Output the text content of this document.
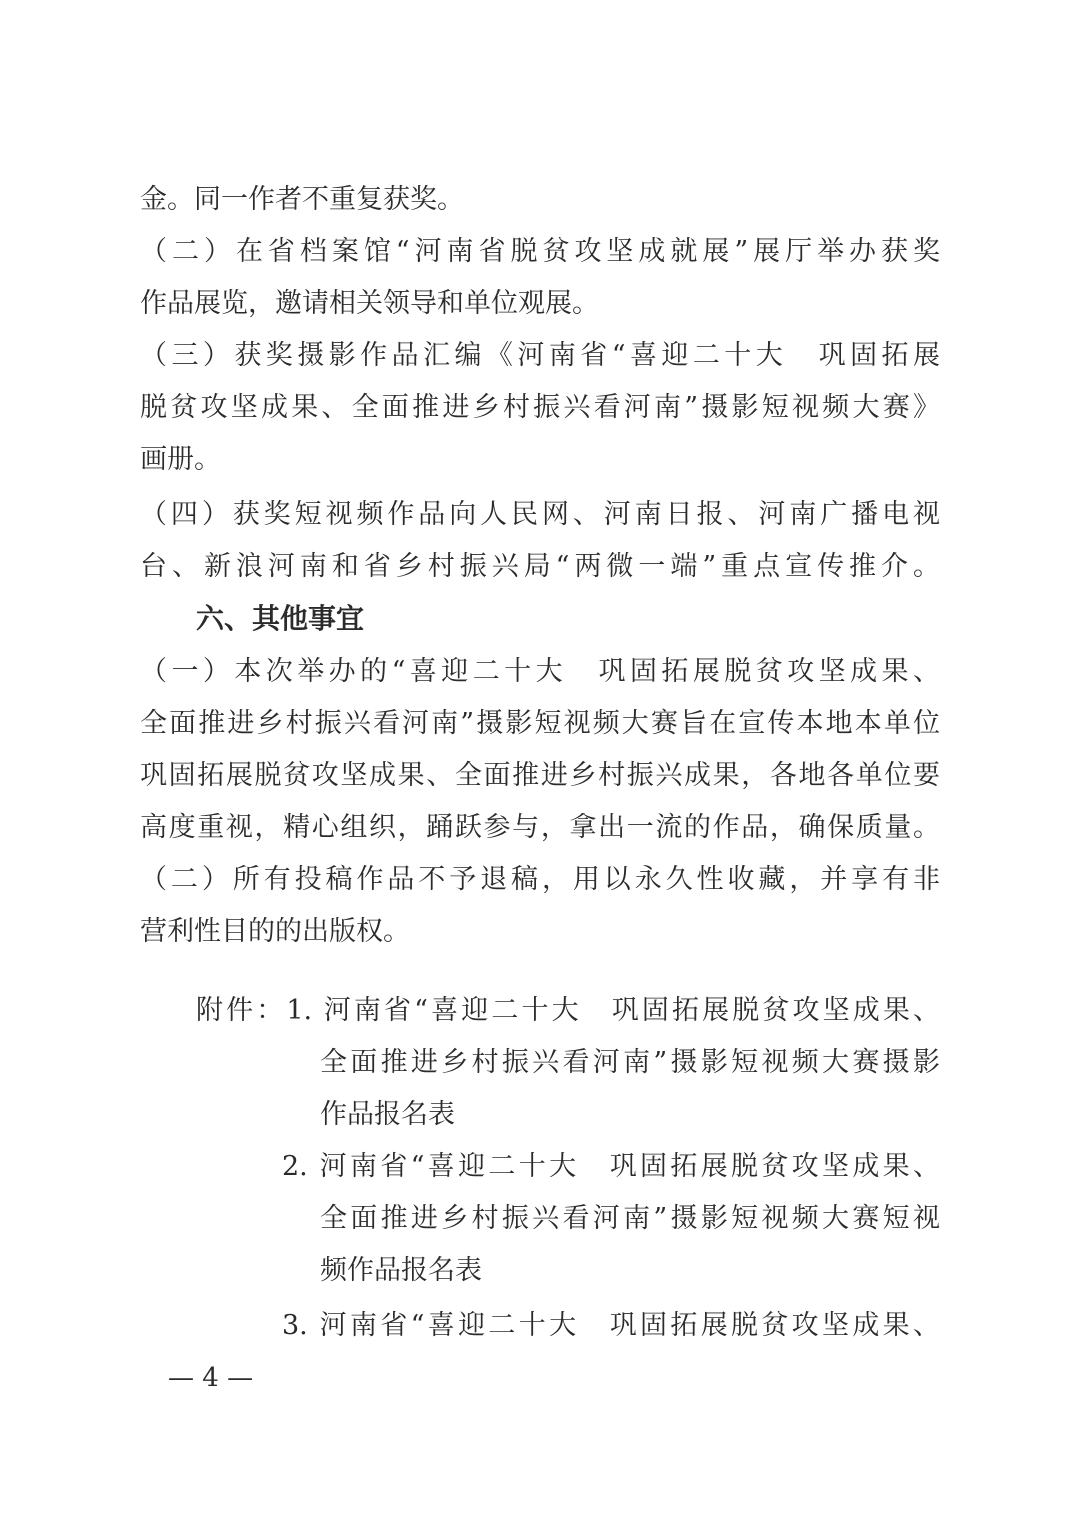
金。同一作者不重复获奖。
（二）在省档案馆“河南省脱贫攻坚成就展”展厅举办获奖
作品展览，邀请相关领导和单位观展。
（三）获奖摄影作品汇编《河南省“喜迎二十大　巩固拓展
脱贫攻坚成果、全面推进乡村振兴看河南”摄影短视频大赛》
画册。
（四）获奖短视频作品向人民网、河南日报、河南广播电视
台、新浪河南和省乡村振兴局“两微一端”重点宣传推介。
六、其他事宜
（一）本次举办的“喜迎二十大　巩固拓展脱贫攻坚成果、
全面推进乡村振兴看河南”摄影短视频大赛旨在宣传本地本单位
巩固拓展脱贫攻坚成果、全面推进乡村振兴成果，各地各单位要
高度重视，精心组织，踊跃参与，拿出一流的作品，确保质量。
（二）所有投稿作品不予退稿，用以永久性收藏，并享有非
营利性目的的出版权。
附件：1. 河南省“喜迎二十大　巩固拓展脱贫攻坚成果、
全面推进乡村振兴看河南”摄影短视频大赛摄影
作品报名表
2. 河南省“喜迎二十大　巩固拓展脱贫攻坚成果、
全面推进乡村振兴看河南”摄影短视频大赛短视
频作品报名表
3. 河南省“喜迎二十大　巩固拓展脱贫攻坚成果、
— 4 —
